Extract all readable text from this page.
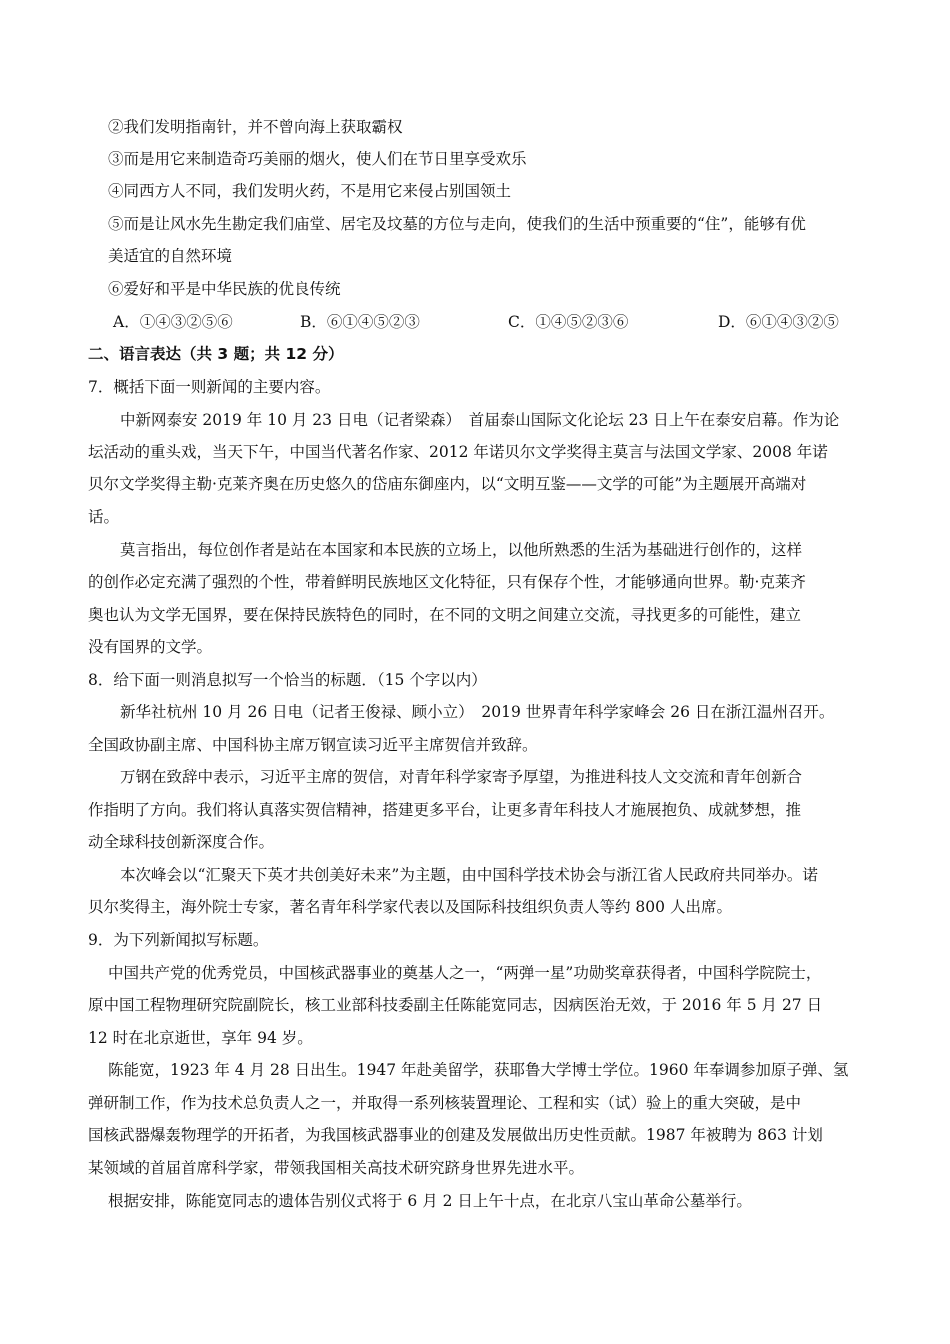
②我们发明指南针，并不曾向海上获取霸权
③而是用它来制造奇巧美丽的烟火，使人们在节日里享受欢乐
④同西方人不同，我们发明火药，不是用它来侵占别国领土
⑤而是让风水先生勘定我们庙堂、居宅及坟墓的方位与走向，使我们的生活中预重要的“住”，能够有优
美适宜的自然环境
⑥爱好和平是中华民族的优良传统
A．①④③②⑤⑥	B．⑥①④⑤②③	C．①④⑤②③⑥	D．⑥①④③②⑤
二、语言表达（共 3 题；共 12 分）
7．概括下面一则新闻的主要内容。
中新网泰安 2019 年 10 月 23 日电（记者梁森）　首届泰山国际文化论坛 23 日上午在泰安启幕。作为论
坛活动的重头戏，当天下午，中国当代著名作家、2012 年诺贝尔文学奖得主莫言与法国文学家、2008 年诺
贝尔文学奖得主勒·克莱齐奥在历史悠久的岱庙东御座内，以“文明互鉴——文学的可能”为主题展开高端对
话。
莫言指出，每位创作者是站在本国家和本民族的立场上，以他所熟悉的生活为基础进行创作的，这样
的创作必定充满了强烈的个性，带着鲜明民族地区文化特征，只有保存个性，才能够通向世界。勒·克莱齐
奥也认为文学无国界，要在保持民族特色的同时，在不同的文明之间建立交流，寻找更多的可能性，建立
没有国界的文学。
8．给下面一则消息拟写一个恰当的标题．（15 个字以内）
新华社杭州 10 月 26 日电（记者王俊禄、顾小立）　2019 世界青年科学家峰会 26 日在浙江温州召开。
全国政协副主席、中国科协主席万钢宣读习近平主席贺信并致辞。
万钢在致辞中表示，习近平主席的贺信，对青年科学家寄予厚望，为推进科技人文交流和青年创新合
作指明了方向。我们将认真落实贺信精神，搭建更多平台，让更多青年科技人才施展抱负、成就梦想，推
动全球科技创新深度合作。
本次峰会以“汇聚天下英才共创美好未来”为主题，由中国科学技术协会与浙江省人民政府共同举办。诺
贝尔奖得主，海外院士专家，著名青年科学家代表以及国际科技组织负责人等约 800 人出席。
9．为下列新闻拟写标题。
中国共产党的优秀党员，中国核武器事业的奠基人之一，“两弹一星”功勋奖章获得者，中国科学院院士，
原中国工程物理研究院副院长，核工业部科技委副主任陈能宽同志，因病医治无效，于 2016 年 5 月 27 日
12 时在北京逝世，享年 94 岁。
陈能宽，1923 年 4 月 28 日出生。1947 年赴美留学，获耶鲁大学博士学位。1960 年奉调参加原子弹、氢
弹研制工作，作为技术总负责人之一，并取得一系列核装置理论、工程和实（试）验上的重大突破，是中
国核武器爆轰物理学的开拓者，为我国核武器事业的创建及发展做出历史性贡献。1987 年被聘为 863 计划
某领域的首届首席科学家，带领我国相关高技术研究跻身世界先进水平。
根据安排，陈能宽同志的遗体告别仪式将于 6 月 2 日上午十点，在北京八宝山革命公墓举行。
